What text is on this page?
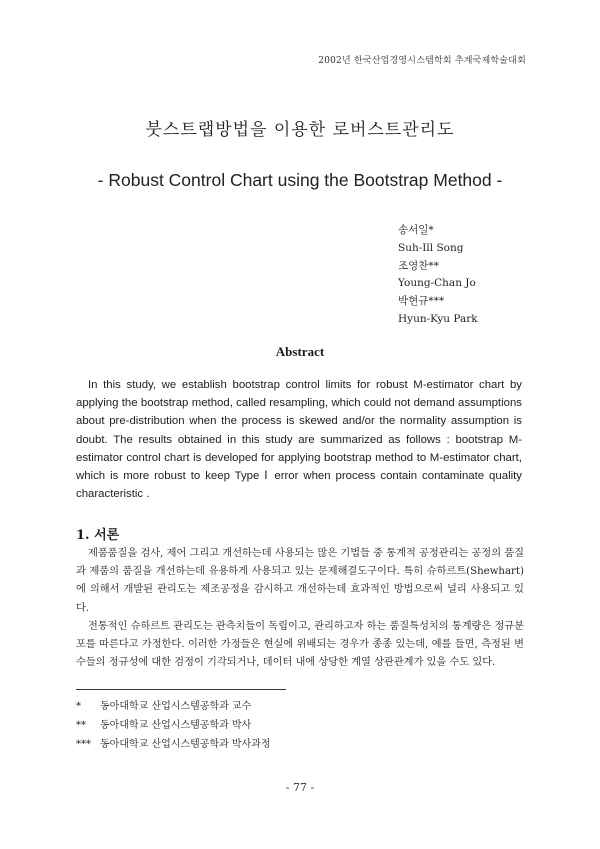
2002년 한국산업경영시스템학회 추계국제학술대회
붓스트랩방법을 이용한 로버스트관리도
- Robust Control Chart using the Bootstrap Method -
송서일*
Suh-Ill Song
조영찬**
Young-Chan Jo
박현규***
Hyun-Kyu Park
Abstract

In this study, we establish bootstrap control limits for robust M-estimator chart by applying the bootstrap method, called resampling, which could not demand assumptions about pre-distribution when the process is skewed and/or the normality assumption is doubt. The results obtained in this study are summarized as follows : bootstrap M-estimator control chart is developed for applying bootstrap method to M-estimator chart, which is more robust to keep Type Ⅰ error when process contain contaminate quality characteristic .

1. 서론

제품품질을 검사, 제어 그리고 개선하는데 사용되는 많은 기법들 중 통계적 공정관리는 공정의 품질과 제품의 품질을 개선하는데 유용하게 사용되고 있는 문제해결도구이다. 특히 슈하르트(Shewhart)에 의해서 개발된 관리도는 제조공정을 감시하고 개선하는데 효과적인 방법으로써 널리 사용되고 있다.

전통적인 슈하르트 관리도는 관측치들이 독립이고, 관리하고자 하는 품질특성치의 통계량은 정규분포를 따른다고 가정한다. 이러한 가정들은 현실에 위배되는 경우가 종종 있는데, 예를 들면, 측정된 변수들의 정규성에 대한 검정이 기각되거나, 데이터 내에 상당한 계열 상관관계가 있을 수도 있다.

* 동아대학교 산업시스템공학과 교수
** 동아대학교 산업시스템공학과 박사
*** 동아대학교 산업시스템공학과 박사과정
- 77 -
